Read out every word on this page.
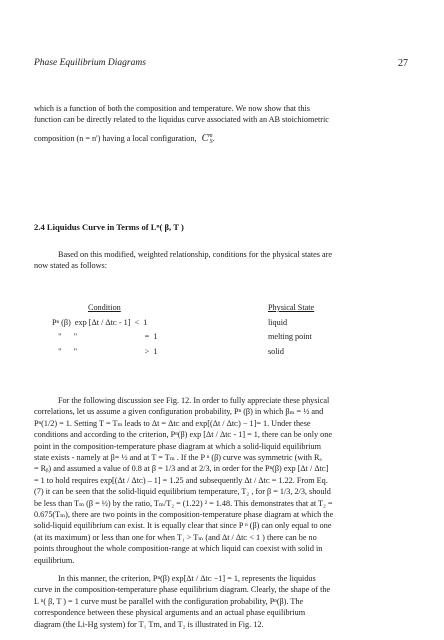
Phase Equilibrium Diagrams	27
which is a function of both the composition and temperature. We now show that this
function can be directly related to the liquidus curve associated with an AB stoichiometric
composition (n = n') having a local configuration, $C^m_S$.
2.4 Liquidus Curve in Terms of Lⁿ( β, T )
Based on this modified, weighted relationship, conditions for the physical states are
now stated as follows:
Condition	Physical State
Pⁿ (β)  exp [Δt / Δtᴄ - 1]  <  1	liquid
"      "                                 =  1	melting point
"      "                                 >  1	solid
For the following discussion see Fig. 12. In order to fully appreciate these physical
correlations, let us assume a given configuration probability, Pⁿ (β) in which βₘ = ½ and
Pⁿ(1/2) = 1. Setting T = Tₘ leads to Δt = Δtᴄ and exp[(Δt / Δtᴄ) − 1]= 1. Under these
conditions and according to the criterion, Pⁿ(β) exp [Δt / Δtᴄ - 1] = 1, there can be only one
point in the composition-temperature phase diagram at which a solid-liquid equilibrium
state exists - namely at β= ½ and at T = Tₘ . If the P ⁿ (β) curve was symmetric (with Rₐ
= Rᵦ) and assumed a value of 0.8 at β = 1/3 and at 2/3, in order for the Pⁿ(β) exp [Δt / Δtᴄ]
= 1 to hold requires exp[(Δt / Δtᴄ) – 1] = 1.25 and subsequently Δt / Δtᴄ = 1.22. From Eq.
(7) it can be seen that the solid-liquid equilibrium temperature, T₂ , for β = 1/3, 2/3, should
be less than Tₘ (β = ½) by the ratio, Tₘ/T₂ = (1.22) ² = 1.48. This demonstrates that at T₂ =
0.675(Tₘ), there are two points in the composition-temperature phase diagram at which the
solid-liquid equilibrium can exist. It is equally clear that since P ⁿ (β) can only equal to one
(at its maximum) or less than one for when T₁ > Tₘ (and Δt / Δtᴄ < 1 ) there can be no
points throughout the whole composition-range at which liquid can coexist with solid in
equilibrium.
In this manner, the criterion, Pⁿ(β) exp[Δt / Δtᴄ −1] = 1, represents the liquidus
curve in the composition-temperature phase equilibrium diagram. Clearly, the shape of the
L ⁿ( β, T ) = 1 curve must be parallel with the configuration probability, Pⁿ(β). The
correspondence between these physical arguments and an actual phase equilibrium
diagram (the Li-Hg system) for T₁ Tm, and T₂ is illustrated in Fig. 12.
